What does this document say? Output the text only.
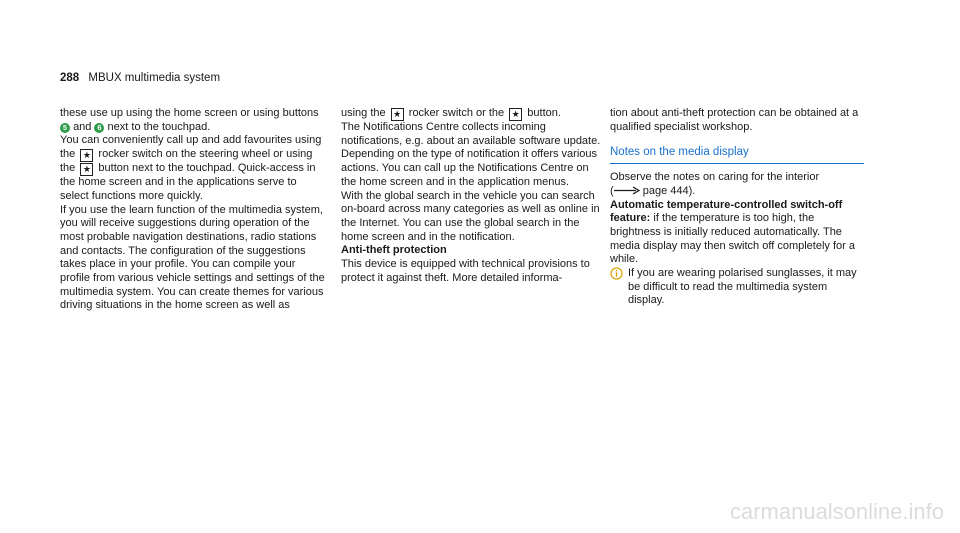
288 MBUX multimedia system

these use up using the home screen or using buttons 5 and 6 next to the touchpad.

You can conveniently call up and add favourites using the ★ rocker switch on the steering wheel or using the ★ button next to the touchpad. Quick-access in the home screen and in the applications serve to select functions more quickly.

If you use the learn function of the multimedia system, you will receive suggestions during operation of the most probable navigation destinations, radio stations and contacts. The configuration of the suggestions takes place in your profile. You can compile your profile from various vehicle settings and settings of the multimedia system. You can create themes for various driving situations in the home screen as well as

using the ★ rocker switch or the ★ button.

The Notifications Centre collects incoming notifications, e.g. about an available software update. Depending on the type of notification it offers various actions. You can call up the Notifications Centre on the home screen and in the application menus.

With the global search in the vehicle you can search on-board across many categories as well as online in the Internet. You can use the global search in the home screen and in the notification.

Anti-theft protection

This device is equipped with technical provisions to protect it against theft. More detailed informa-

tion about anti-theft protection can be obtained at a qualified specialist workshop.

Notes on the media display

Observe the notes on caring for the interior
(	page 444).

Automatic temperature-controlled switch-off feature: if the temperature is too high, the brightness is initially reduced automatically. The media display may then switch off completely for a while.

If you are wearing polarised sunglasses, it may be difficult to read the multimedia system display.

carmanualsonline.info
